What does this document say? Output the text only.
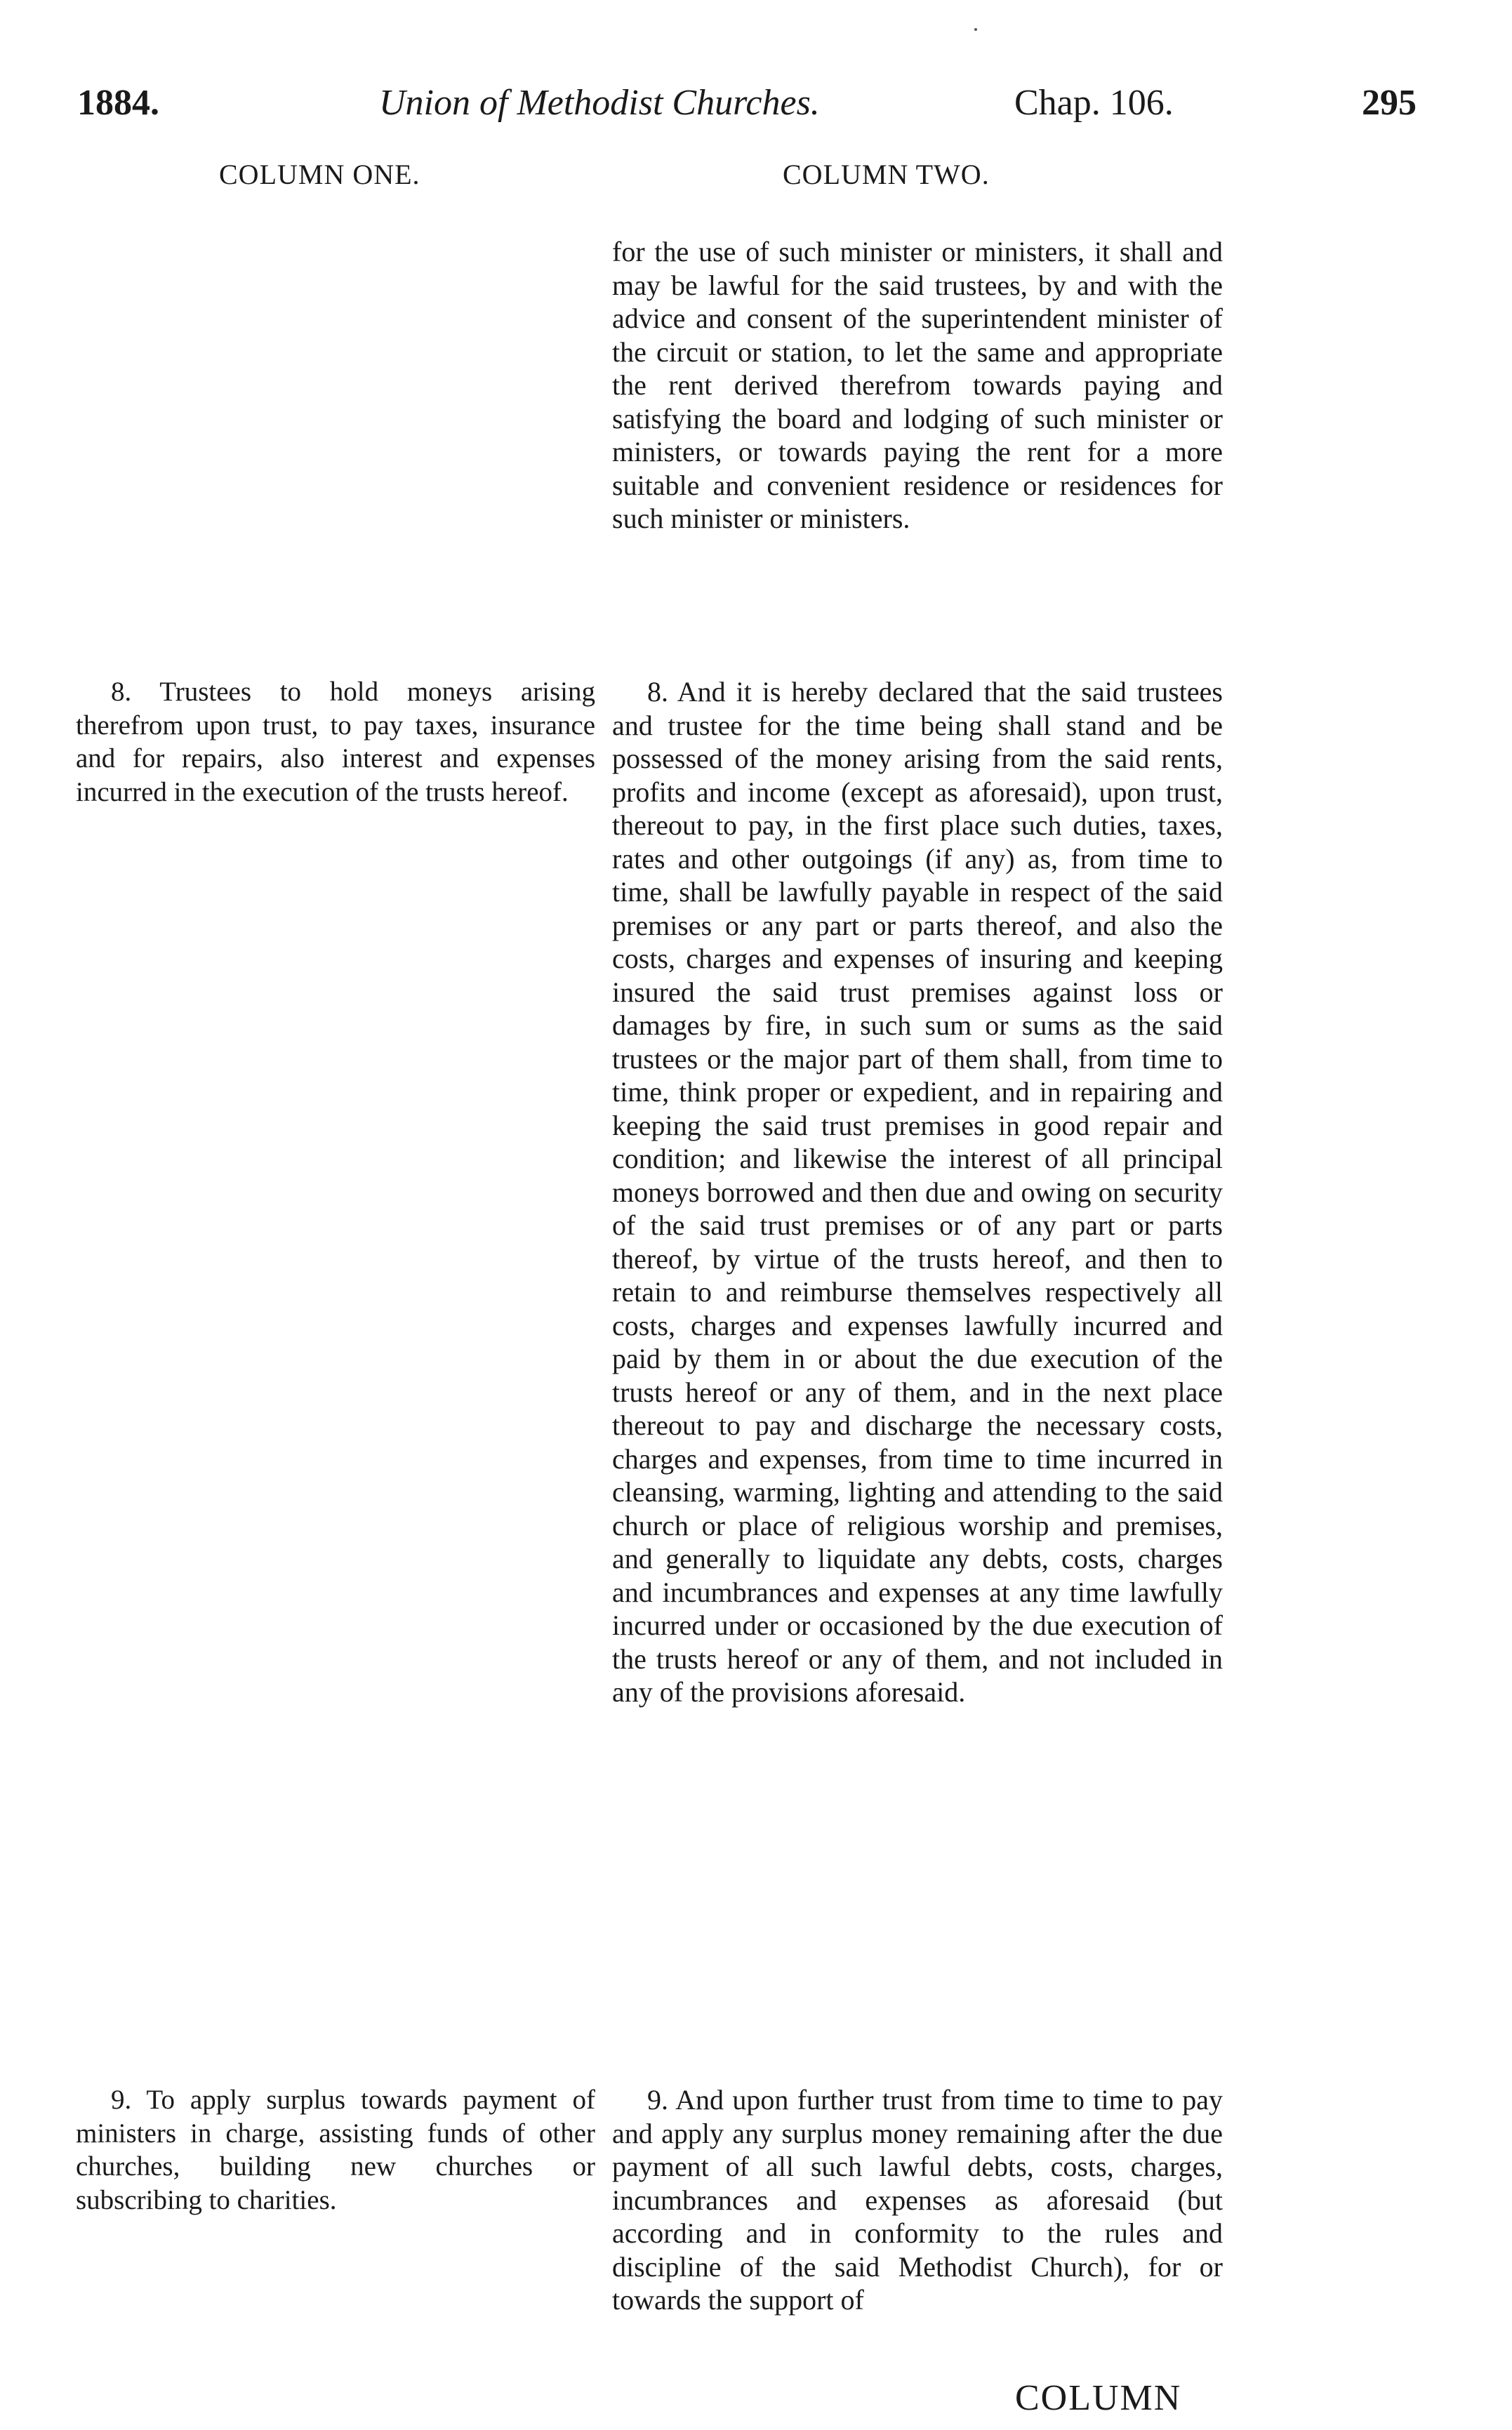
1884.	Union of Methodist Churches.	Chap. 106.	295
COLUMN ONE.	COLUMN TWO.

for the use of such minister or ministers, it shall and may be lawful for the said trustees, by and with the advice and consent of the superintendent minister of the circuit or station, to let the same and appropriate the rent derived therefrom towards paying and satisfying the board and lodging of such minister or ministers, or towards paying the rent for a more suitable and convenient residence or residences for such minister or ministers.

8. Trustees to hold moneys arising therefrom upon trust, to pay taxes, insurance and for repairs, also interest and expenses incurred in the execution of the trusts hereof.

8. And it is hereby declared that the said trustees and trustee for the time being shall stand and be possessed of the money arising from the said rents, profits and income (except as aforesaid), upon trust, thereout to pay, in the first place such duties, taxes, rates and other outgoings (if any) as, from time to time, shall be lawfully payable in respect of the said premises or any part or parts thereof, and also the costs, charges and expenses of insuring and keeping insured the said trust premises against loss or damages by fire, in such sum or sums as the said trustees or the major part of them shall, from time to time, think proper or expedient, and in repairing and keeping the said trust premises in good repair and condition; and likewise the interest of all principal moneys borrowed and then due and owing on security of the said trust premises or of any part or parts thereof, by virtue of the trusts hereof, and then to retain to and reimburse themselves respectively all costs, charges and expenses lawfully incurred and paid by them in or about the due execution of the trusts hereof or any of them, and in the next place thereout to pay and discharge the necessary costs, charges and expenses, from time to time incurred in cleansing, warming, lighting and attending to the said church or place of religious worship and premises, and generally to liquidate any debts, costs, charges and incumbrances and expenses at any time lawfully incurred under or occasioned by the due execution of the trusts hereof or any of them, and not included in any of the provisions aforesaid.

9. To apply surplus towards payment of ministers in charge, assisting funds of other churches, building new churches or subscribing to charities.

9. And upon further trust from time to time to pay and apply any surplus money remaining after the due payment of all such lawful debts, costs, charges, incumbrances and expenses as aforesaid (but according and in conformity to the rules and discipline of the said Methodist Church), for or towards the support of

COLUMN
